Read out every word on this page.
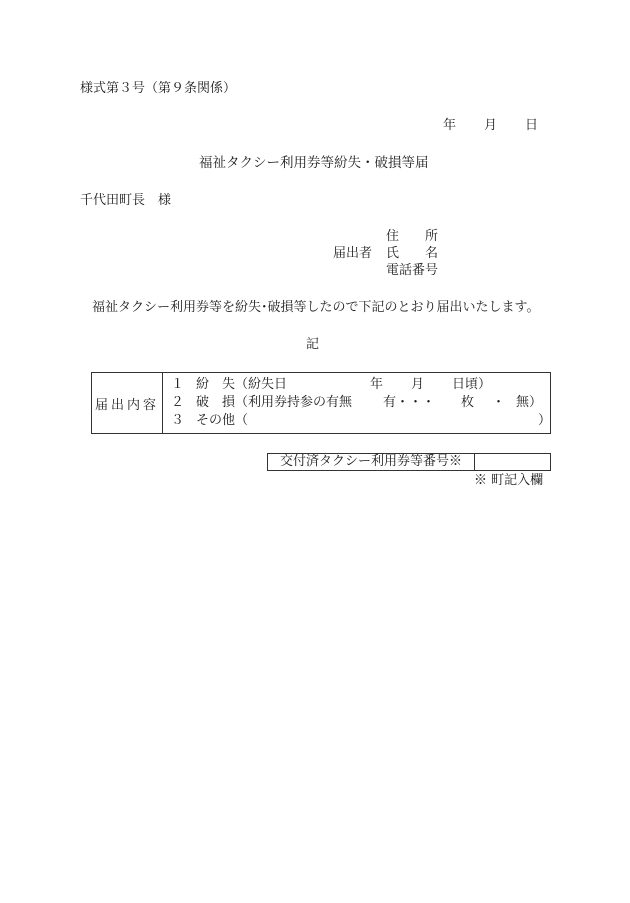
様式第３号（第９条関係）
年 月 日
福祉タクシー利用券等紛失・破損等届
千代田町長　様
住　　所
届出者 氏　　名
電話番号
福祉タクシー利用券等を紛失･破損等したので下記のとおり届出いたします。
記
届出内容
１ 紛　失（紛失日	年 月 日頃）
２ 破　損（利用券持参の有無 有・・・ 枚 ・ 無）
３ その他（	）
交付済タクシー利用券等番号※
※ 町記入欄
